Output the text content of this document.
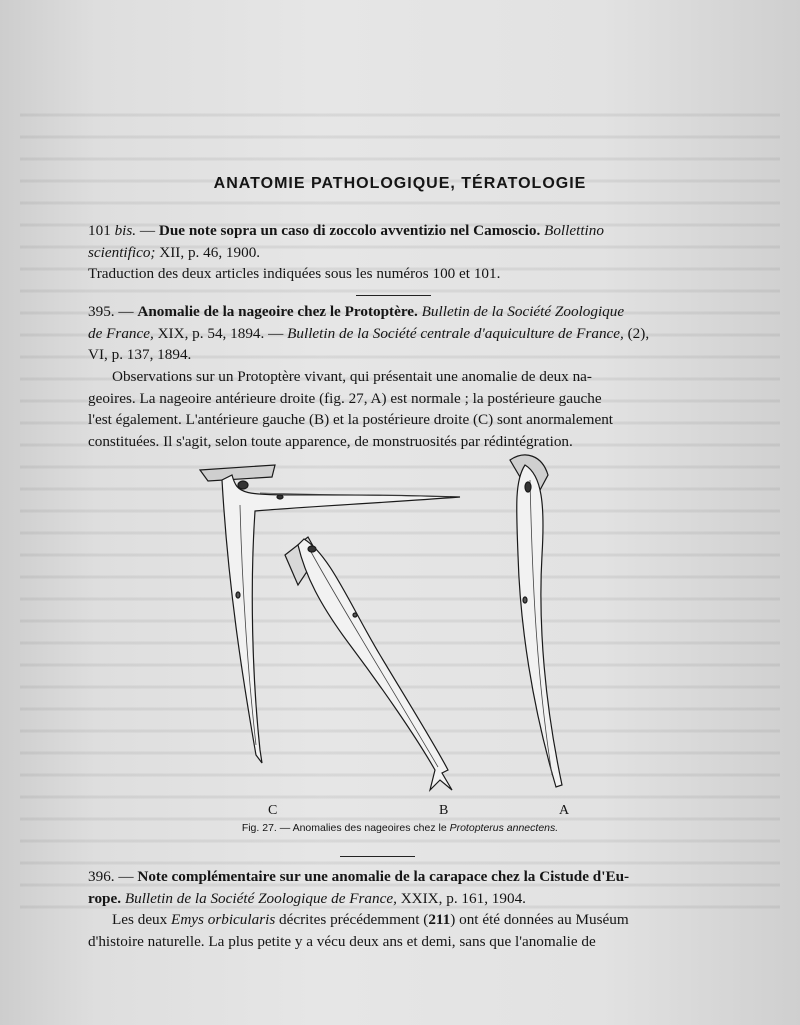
ANATOMIE PATHOLOGIQUE, TÉRATOLOGIE
101 bis. — Due note sopra un caso di zoccolo avventizio nel Camoscio. Bollettino
scientifico; XII, p. 46, 1900.
Traduction des deux articles indiquées sous les numéros 100 et 101.
395. — Anomalie de la nageoire chez le Protoptère. Bulletin de la Société Zoologique
de France, XIX, p. 54, 1894. — Bulletin de la Société centrale d'aquiculture de France, (2),
VI, p. 137, 1894.
Observations sur un Protoptère vivant, qui présentait une anomalie de deux na-
geoires. La nageoire antérieure droite (fig. 27, A) est normale ; la postérieure gauche
l'est également. L'antérieure gauche (B) et la postérieure droite (C) sont anormalement
constituées. Il s'agit, selon toute apparence, de monstruosités par rédintégration.
C	B	A
Fig. 27. — Anomalies des nageoires chez le Protopterus annectens.
396. — Note complémentaire sur une anomalie de la carapace chez la Cistude d'Eu-
rope. Bulletin de la Société Zoologique de France, XXIX, p. 161, 1904.
Les deux Emys orbicularis décrites précédemment (211) ont été données au Muséum
d'histoire naturelle. La plus petite y a vécu deux ans et demi, sans que l'anomalie de
